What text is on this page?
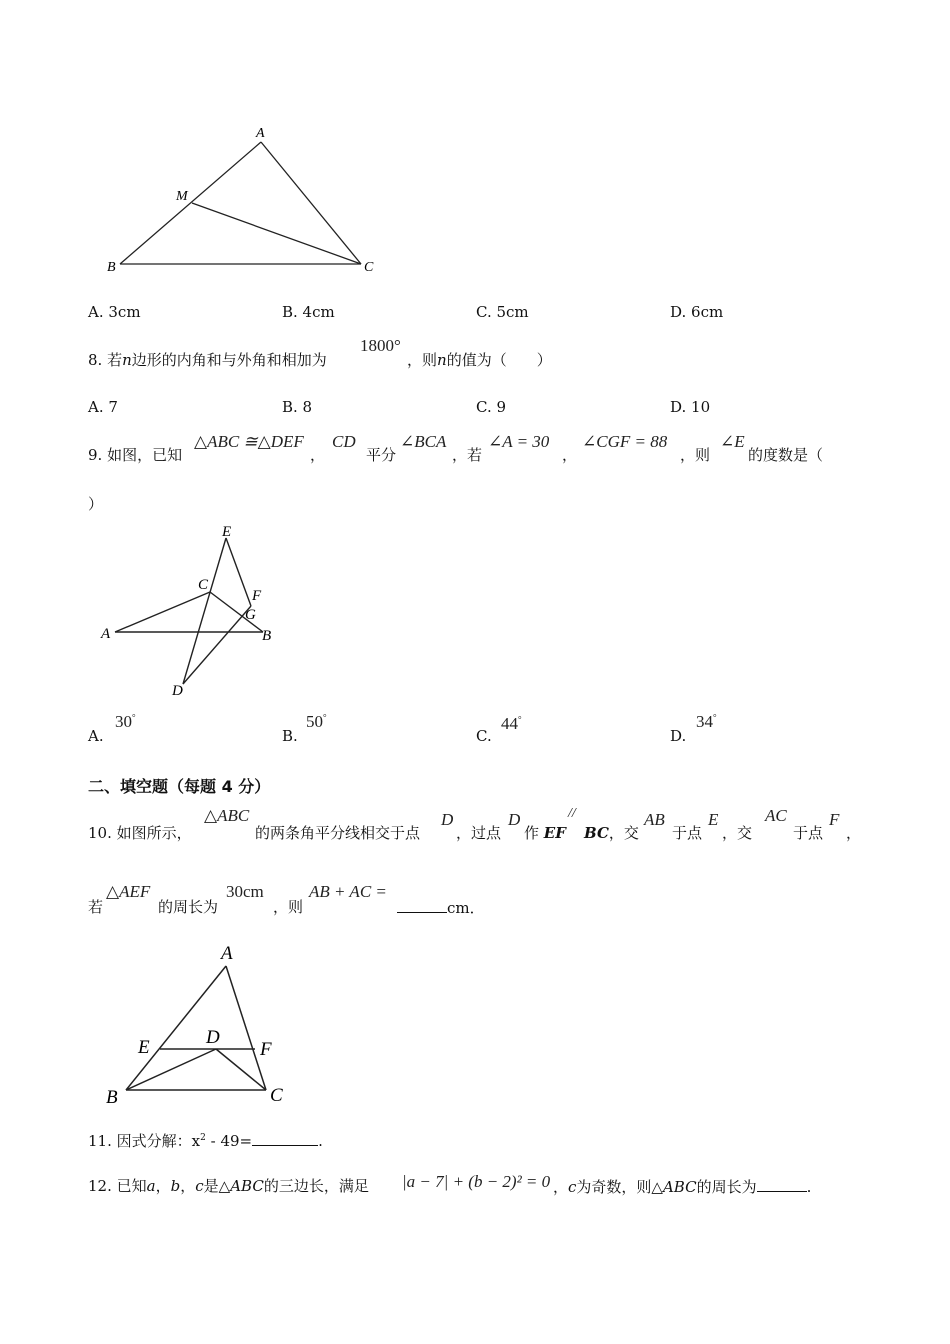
A
M
B	C
A. 3cm	B. 4cm	C. 5cm	D. 6cm
8. 若n边形的内角和与外角和相加为
1800°
，则n的值为（　　）
A. 7	B. 8	C. 9	D. 10
9. 如图，已知
△ABC ≅△DEF
，
CD
平分
∠BCA
，若
∠A = 30
，
∠CGF = 88
，则
∠E
的度数是（
）
E
C
F
G
A	B
D
A.
30°
B.
50°
C.
44°
D.
34°
二、填空题（每题 4 分）
10. 如图所示，
△ABC
的两条角平分线相交于点
D
，过点
D
作 EF
//
BC，交
AB
于点
E
，交
AC
于点
F
，
若
△AEF
的周长为
30cm
，则
AB + AC =
cm．
A
E	D
F
B	C
11. 因式分解：$x^2 - 49=$	.
12. 已知a，b，c是△ABC的三边长，满足 |a − 7| + (b − 2)² = 0 ，c为奇数，则△ABC的周长为	.
